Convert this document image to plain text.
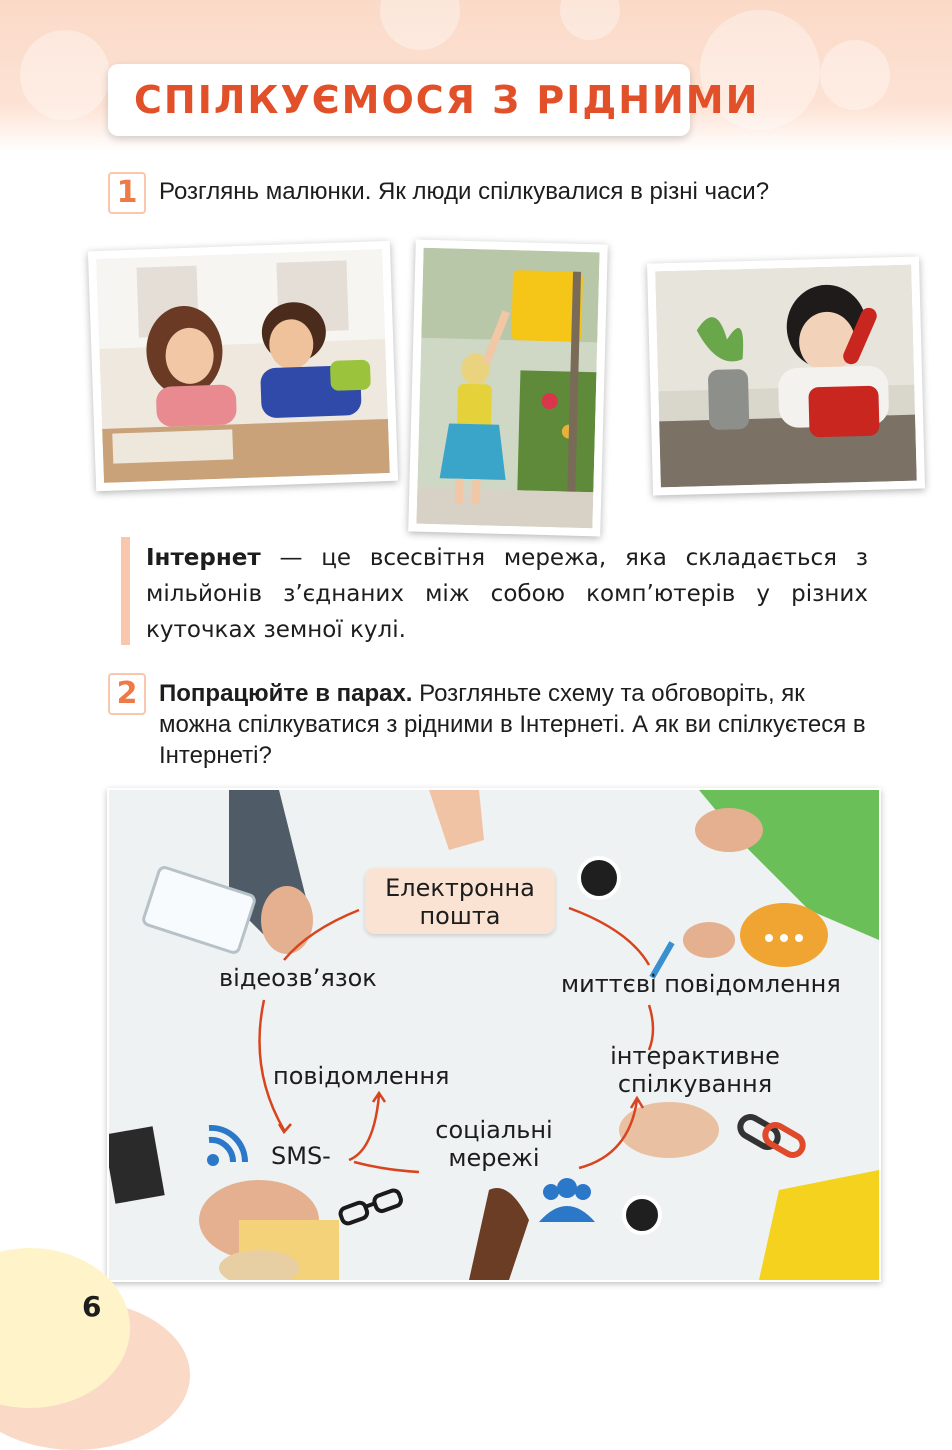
СПІЛКУЄМОСЯ З РІДНИМИ
1 Розглянь малюнки. Як люди спілкувалися в різні часи?
Інтернет — це всесвітня мережа, яка складається з мільйонів з’єднаних між собою комп’ютерів у різних куточках земної кулі.
2 Попрацюйте в парах. Розгляньте схему та обговоріть, як можна спілкуватися з рідними в Інтернеті. А як ви спілкуєтеся в Інтернеті?
Електронна
пошта
відеозв’язок	миттєві повідомлення
інтерактивне
спілкування
повідомлення
SMS-
соціальні
мережі
6
